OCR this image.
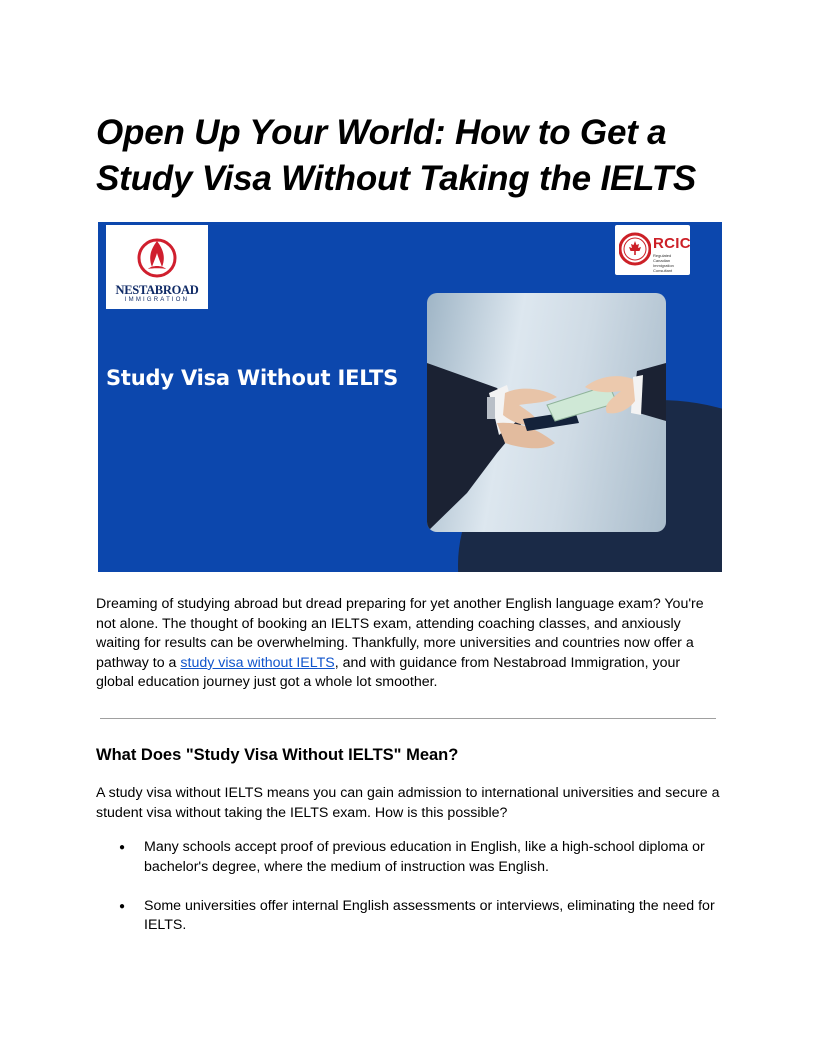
Open Up Your World: How to Get a
Study Visa Without Taking the IELTS
NESTABROAD
IMMIGRATION
RCIC
Regulated Canadian Immigration Consultant
Study Visa Without IELTS

Dreaming of studying abroad but dread preparing for yet another English language exam? You're not alone. The thought of booking an IELTS exam, attending coaching classes, and anxiously waiting for results can be overwhelming. Thankfully, more universities and countries now offer a pathway to a study visa without IELTS, and with guidance from Nestabroad Immigration, your global education journey just got a whole lot smoother.

What Does "Study Visa Without IELTS" Mean?

A study visa without IELTS means you can gain admission to international universities and secure a student visa without taking the IELTS exam. How is this possible?

● Many schools accept proof of previous education in English, like a high-school diploma or bachelor's degree, where the medium of instruction was English.
● Some universities offer internal English assessments or interviews, eliminating the need for IELTS.
